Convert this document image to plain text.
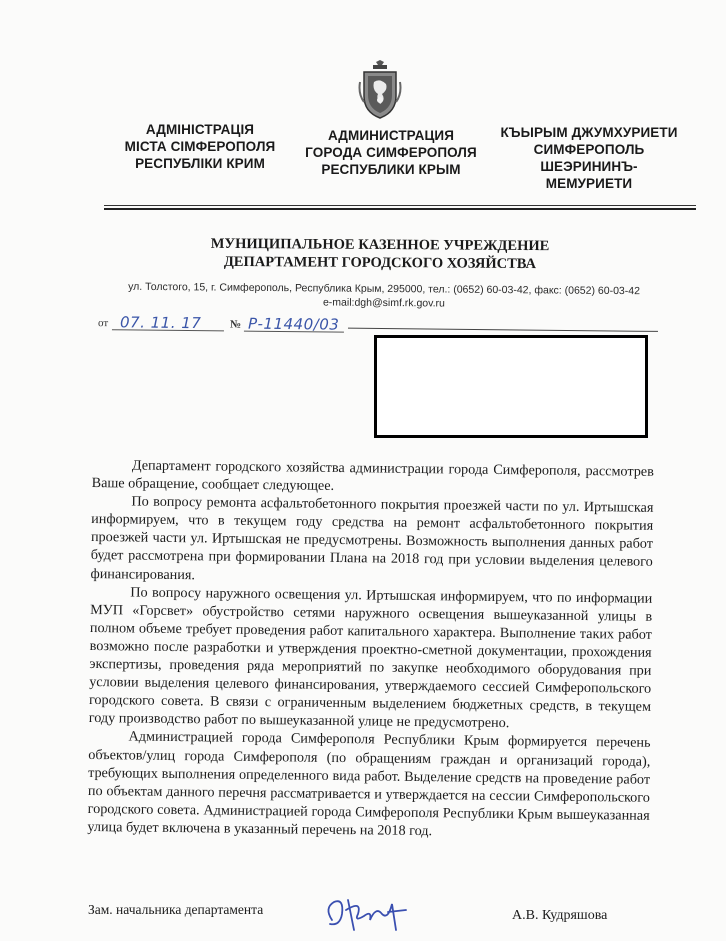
АДМІНІСТРАЦІЯ
МІСТА СІМФЕРОПОЛЯ
РЕСПУБЛІКИ КРИМ
АДМИНИСТРАЦИЯ
ГОРОДА СИМФЕРОПОЛЯ
РЕСПУБЛИКИ КРЫМ
КЪЫРЫМ ДЖУМХУРИЕТИ
СИМФЕРОПОЛЬ
ШЕЭРИНИНЪ-
МЕМУРИЕТИ
МУНИЦИПАЛЬНОЕ КАЗЕННОЕ УЧРЕЖДЕНИЕ
ДЕПАРТАМЕНТ ГОРОДСКОГО ХОЗЯЙСТВА
ул. Толстого, 15, г. Симферополь, Республика Крым, 295000, тел.: (0652) 60-03-42, факс: (0652) 60-03-42
e-mail:dgh@simf.rk.gov.ru
от 07. 11. 17	№ Р-11440/03

Департамент городского хозяйства администрации города Симферополя, рассмотрев Ваше обращение, сообщает следующее.

По вопросу ремонта асфальтобетонного покрытия проезжей части по ул. Иртышская информируем, что в текущем году средства на ремонт асфальтобетонного покрытия проезжей части ул. Иртышская не предусмотрены. Возможность выполнения данных работ будет рассмотрена при формировании Плана на 2018 год при условии выделения целевого финансирования.

По вопросу наружного освещения ул. Иртышская информируем, что по информации МУП «Горсвет» обустройство сетями наружного освещения вышеуказанной улицы в полном объеме требует проведения работ капитального характера. Выполнение таких работ возможно после разработки и утверждения проектно-сметной документации, прохождения экспертизы, проведения ряда мероприятий по закупке необходимого оборудования при условии выделения целевого финансирования, утверждаемого сессией Симферопольского городского совета. В связи с ограниченным выделением бюджетных средств, в текущем году производство работ по вышеуказанной улице не предусмотрено.

Администрацией города Симферополя Республики Крым формируется перечень объектов/улиц города Симферополя (по обращениям граждан и организаций города), требующих выполнения определенного вида работ. Выделение средств на проведение работ по объектам данного перечня рассматривается и утверждается на сессии Симферопольского городского совета. Администрацией города Симферополя Республики Крым вышеуказанная улица будет включена в указанный перечень на 2018 год.

Зам. начальника департамента	А.В. Кудряшова
